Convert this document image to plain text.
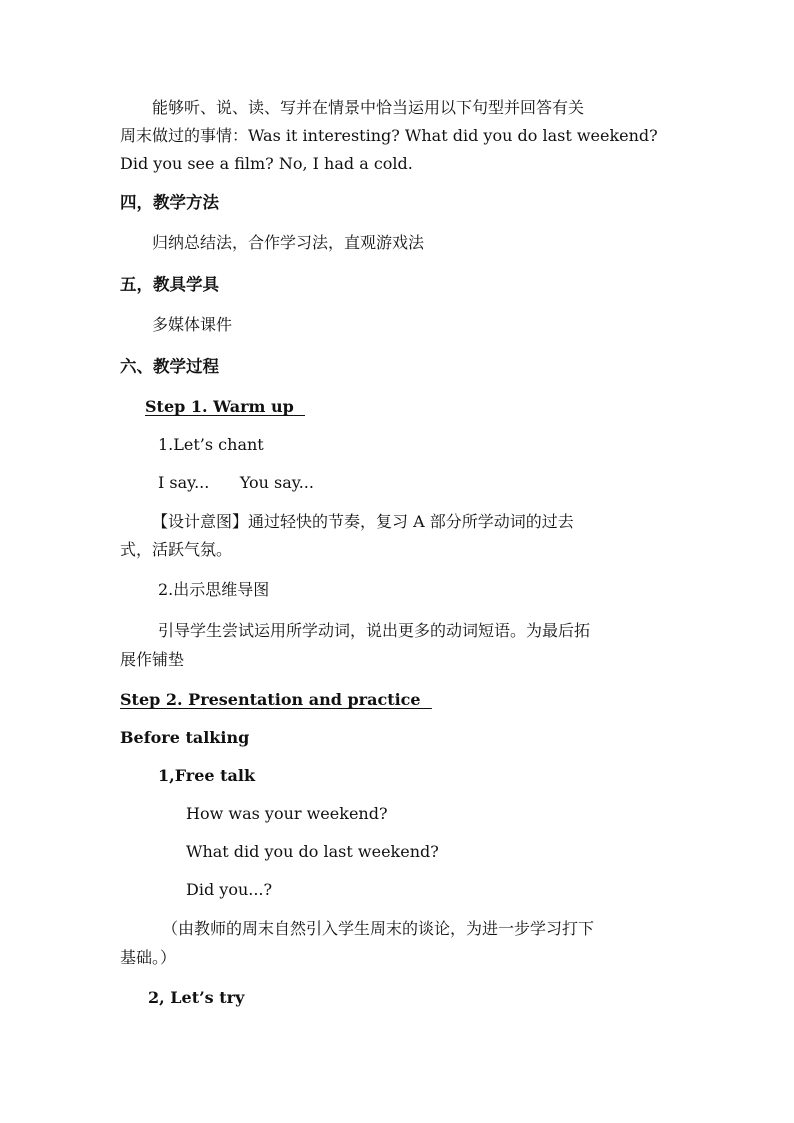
能够听、说、读、写并在情景中恰当运用以下句型并回答有关
周末做过的事情：Was it interesting? What did you do last weekend?
Did you see a film? No, I had a cold.
四，教学方法
归纳总结法，合作学习法，直观游戏法
五，教具学具
多媒体课件
六、教学过程
Step 1. Warm up
1.Let’s chant
I say...      You say...
【设计意图】通过轻快的节奏，复习 A 部分所学动词的过去
式，活跃气氛。
2.出示思维导图
引导学生尝试运用所学动词，说出更多的动词短语。为最后拓
展作铺垫
Step 2. Presentation and practice
Before talking
1,Free talk
How was your weekend?
What did you do last weekend?
Did you...?
（由教师的周末自然引入学生周末的谈论，为进一步学习打下
基础。）
2, Let’s try
